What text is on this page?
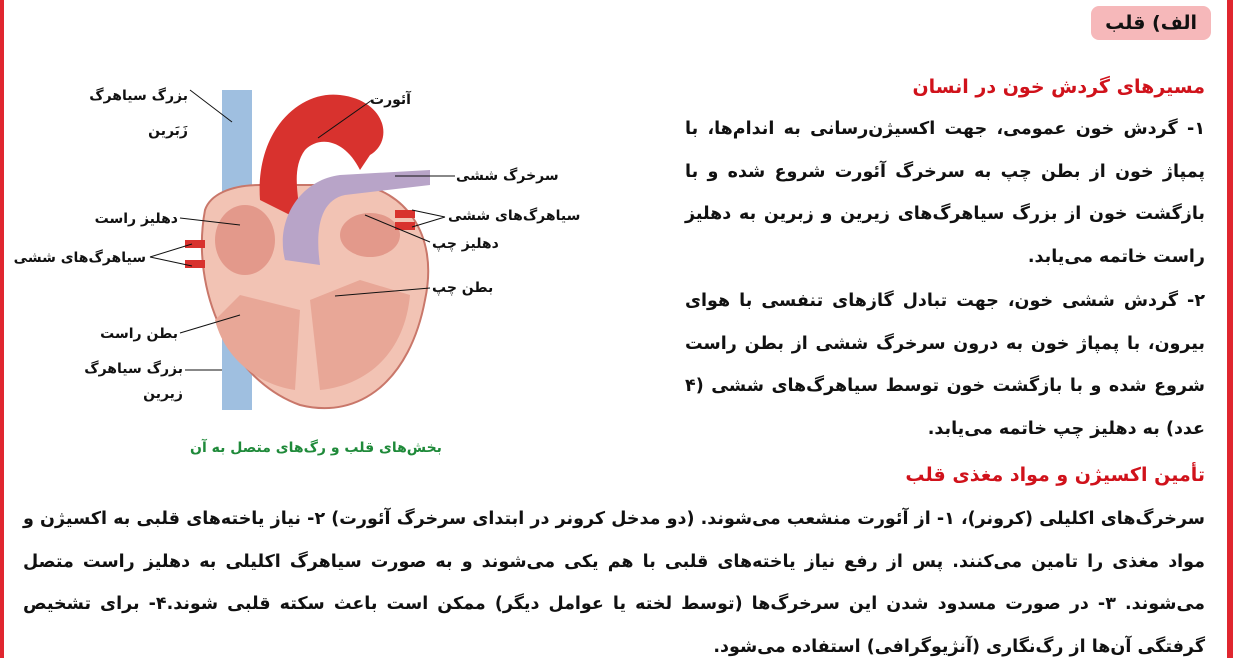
الف) قلب
مسیرهای گردش خون در انسان
۱- گردش خون عمومی، جهت اکسیژن‌رسانی به اندام‌ها، با پمپاژ خون از بطن چپ به سرخرگ آئورت شروع شده و با بازگشت خون از بزرگ سیاهرگ‌های زیرین و زبرین به دهلیز راست خاتمه می‌یابد.
۲- گردش ششی خون، جهت تبادل گازهای تنفسی با هوای بیرون، با پمپاژ خون به درون سرخرگ ششی از بطن راست شروع شده و با بازگشت خون توسط سیاهرگ‌های ششی (۴ عدد) به دهلیز چپ خاتمه می‌یابد.
تأمین اکسیژن و مواد مغذی قلب
سرخرگ‌های اکلیلی (کرونر)، ۱- از آئورت منشعب می‌شوند. (دو مدخل کرونر در ابتدای سرخرگ آئورت) ۲- نیاز یاخته‌های قلبی به اکسیژن و مواد مغذی را تامین می‌کنند. پس از رفع نیاز یاخته‌های قلبی با هم یکی می‌شوند و به صورت سیاهرگ اکلیلی به دهلیز راست متصل می‌شوند. ۳- در صورت مسدود شدن این سرخرگ‌ها (توسط لخته یا عوامل دیگر) ممکن است باعث سکته قلبی شوند.۴- برای تشخیص گرفتگی آن‌ها از رگ‌نگاری (آنژیوگرافی) استفاده می‌شود.
بزرگ سیاهرگ
زَبَرین
آئورت
سرخرگ ششی
دهلیز راست	سیاهرگ‌های ششی
دهلیز چپ
سیاهرگ‌های ششی
بطن چپ
بطن راست
بزرگ سیاهرگ
زیرین
بخش‌های قلب و رگ‌های متصل به آن
